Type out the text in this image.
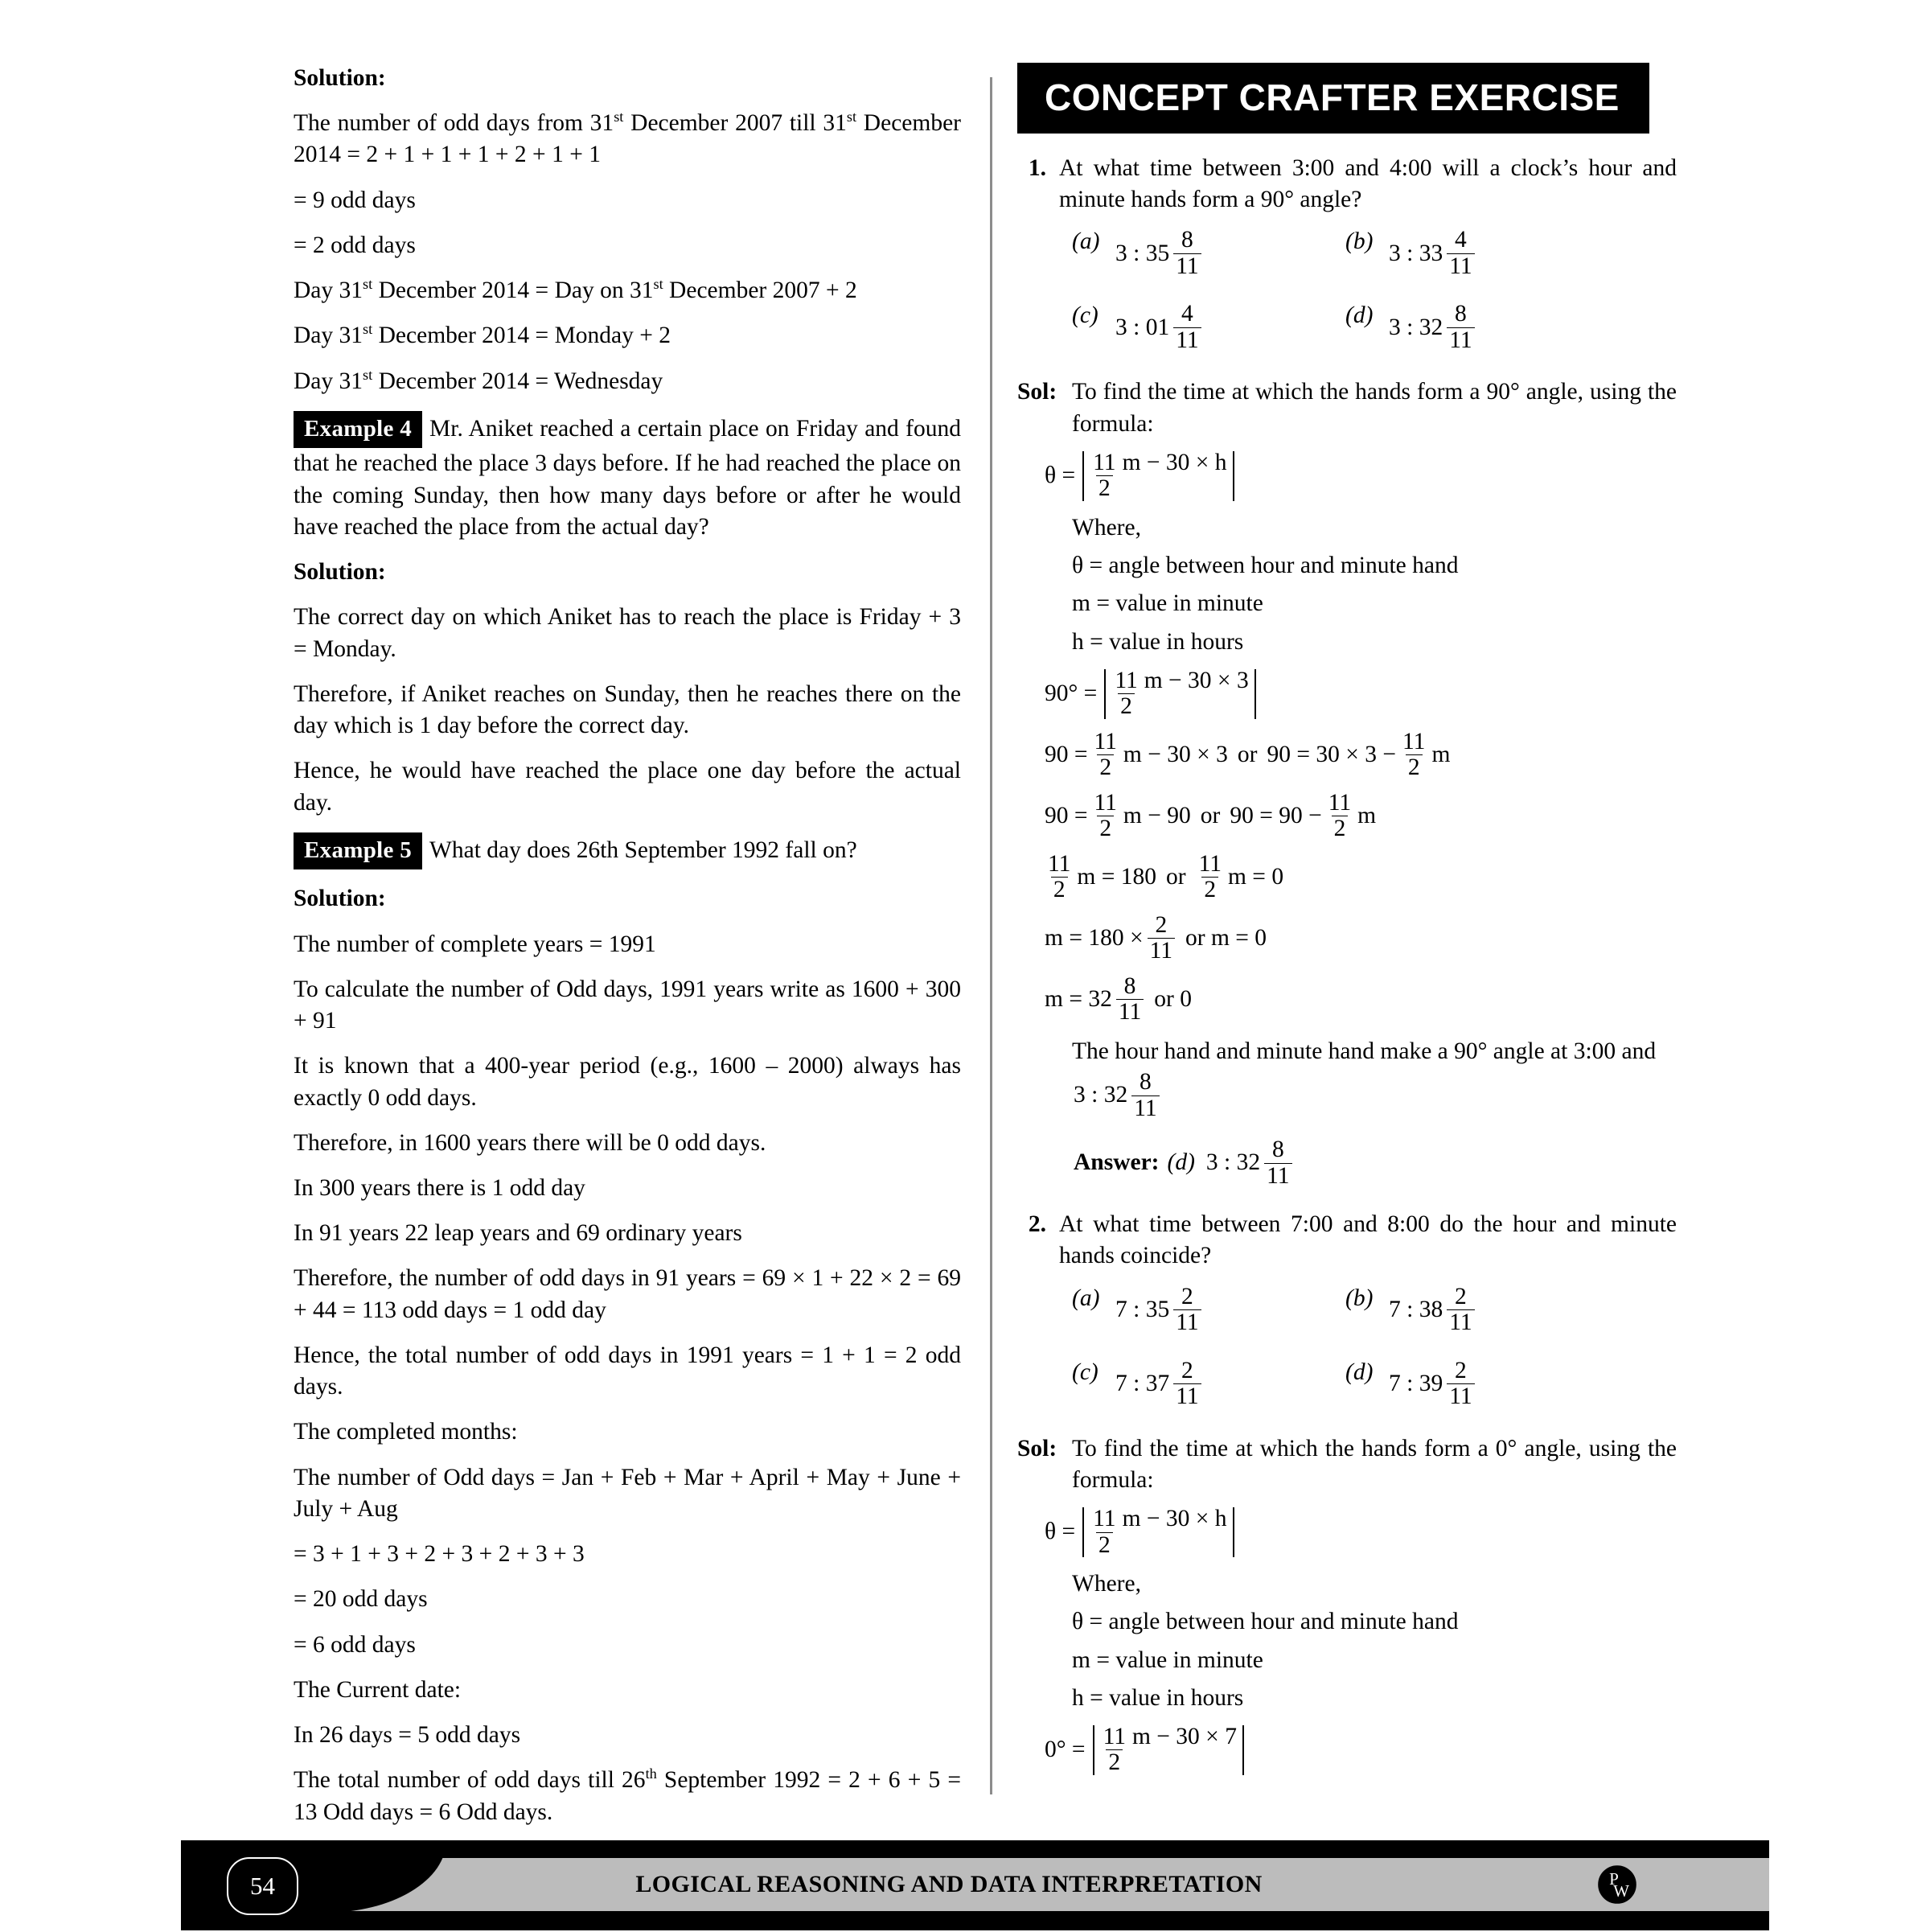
Solution:

The number of odd days from 31st December 2007 till 31st December 2014 = 2 + 1 + 1 + 1 + 2 + 1 + 1

= 9 odd days

= 2 odd days

Day 31st December 2014 = Day on 31st December 2007 + 2

Day 31st December 2014 = Monday + 2

Day 31st December 2014 = Wednesday

Example 4 Mr. Aniket reached a certain place on Friday and found that he reached the place 3 days before. If he had reached the place on the coming Sunday, then how many days before or after he would have reached the place from the actual day?

Solution:

The correct day on which Aniket has to reach the place is Friday + 3 = Monday.

Therefore, if Aniket reaches on Sunday, then he reaches there on the day which is 1 day before the correct day.

Hence, he would have reached the place one day before the actual day.

Example 5 What day does 26th September 1992 fall on?

Solution:

The number of complete years = 1991

To calculate the number of Odd days, 1991 years write as 1600 + 300 + 91

It is known that a 400-year period (e.g., 1600 – 2000) always has exactly 0 odd days.

Therefore, in 1600 years there will be 0 odd days.

In 300 years there is 1 odd day

In 91 years 22 leap years and 69 ordinary years

Therefore, the number of odd days in 91 years = 69 × 1 + 22 × 2 = 69 + 44 = 113 odd days = 1 odd day

Hence, the total number of odd days in 1991 years = 1 + 1 = 2 odd days.

The completed months:

The number of Odd days = Jan + Feb + Mar + April + May + June + July + Aug

= 3 + 1 + 3 + 2 + 3 + 2 + 3 + 3

= 20 odd days

= 6 odd days

The Current date:

In 26 days = 5 odd days

The total number of odd days till 26th September 1992 = 2 + 6 + 5 = 13 Odd days = 6 Odd days.

CONCEPT CRAFTER EXERCISE
1. At what time between 3:00 and 4:00 will a clock’s hour and minute hands form a 90° angle?
(a) 3 : $35 \frac{8}{11}$	(b) 3 : $33 \frac{4}{11}$
(c) 3 : $01 \frac{4}{11}$	(d) 3 : $32 \frac{8}{11}$
Sol: To find the time at which the hands form a 90° angle, using the formula:
$\theta = \frac{11}{2}$ m − 30 × h

Where,

θ = angle between hour and minute hand

m = value in minute

h = value in hours

$90^\circ = \frac{11}{2}$ m − 30 × 3
$90 = \frac{11}{2}$ m − 30 × 3 or $90 = 30 \times 3 - \frac{11}{2}$ m
$90 = \frac{11}{2}$ m − 90 or $90 = 90 - \frac{11}{2}$ m
$\frac{11}{2}$ m = 180 or $\frac{11}{2}$ m = 0
$m = 180 \times \frac{2}{11}$ or m = 0
$m = 32 \frac{8}{11}$ or 0

The hour hand and minute hand make a 90° angle at 3:00 and

3 : $32 \frac{8}{11}$
Answer: (d) 3 : $32 \frac{8}{11}$
2. At what time between 7:00 and 8:00 do the hour and minute hands coincide?
(a) 7 : $35 \frac{2}{11}$	(b) 7 : $38 \frac{2}{11}$
(c) 7 : $37 \frac{2}{11}$	(d) 7 : $39 \frac{2}{11}$
Sol: To find the time at which the hands form a 0° angle, using the formula:
$\theta = \frac{11}{2}$ m − 30 × h

Where,

θ = angle between hour and minute hand

m = value in minute

h = value in hours

$0^\circ = \frac{11}{2}$ m − 30 × 7
54	LOGICAL REASONING AND DATA INTERPRETATION	P
W
